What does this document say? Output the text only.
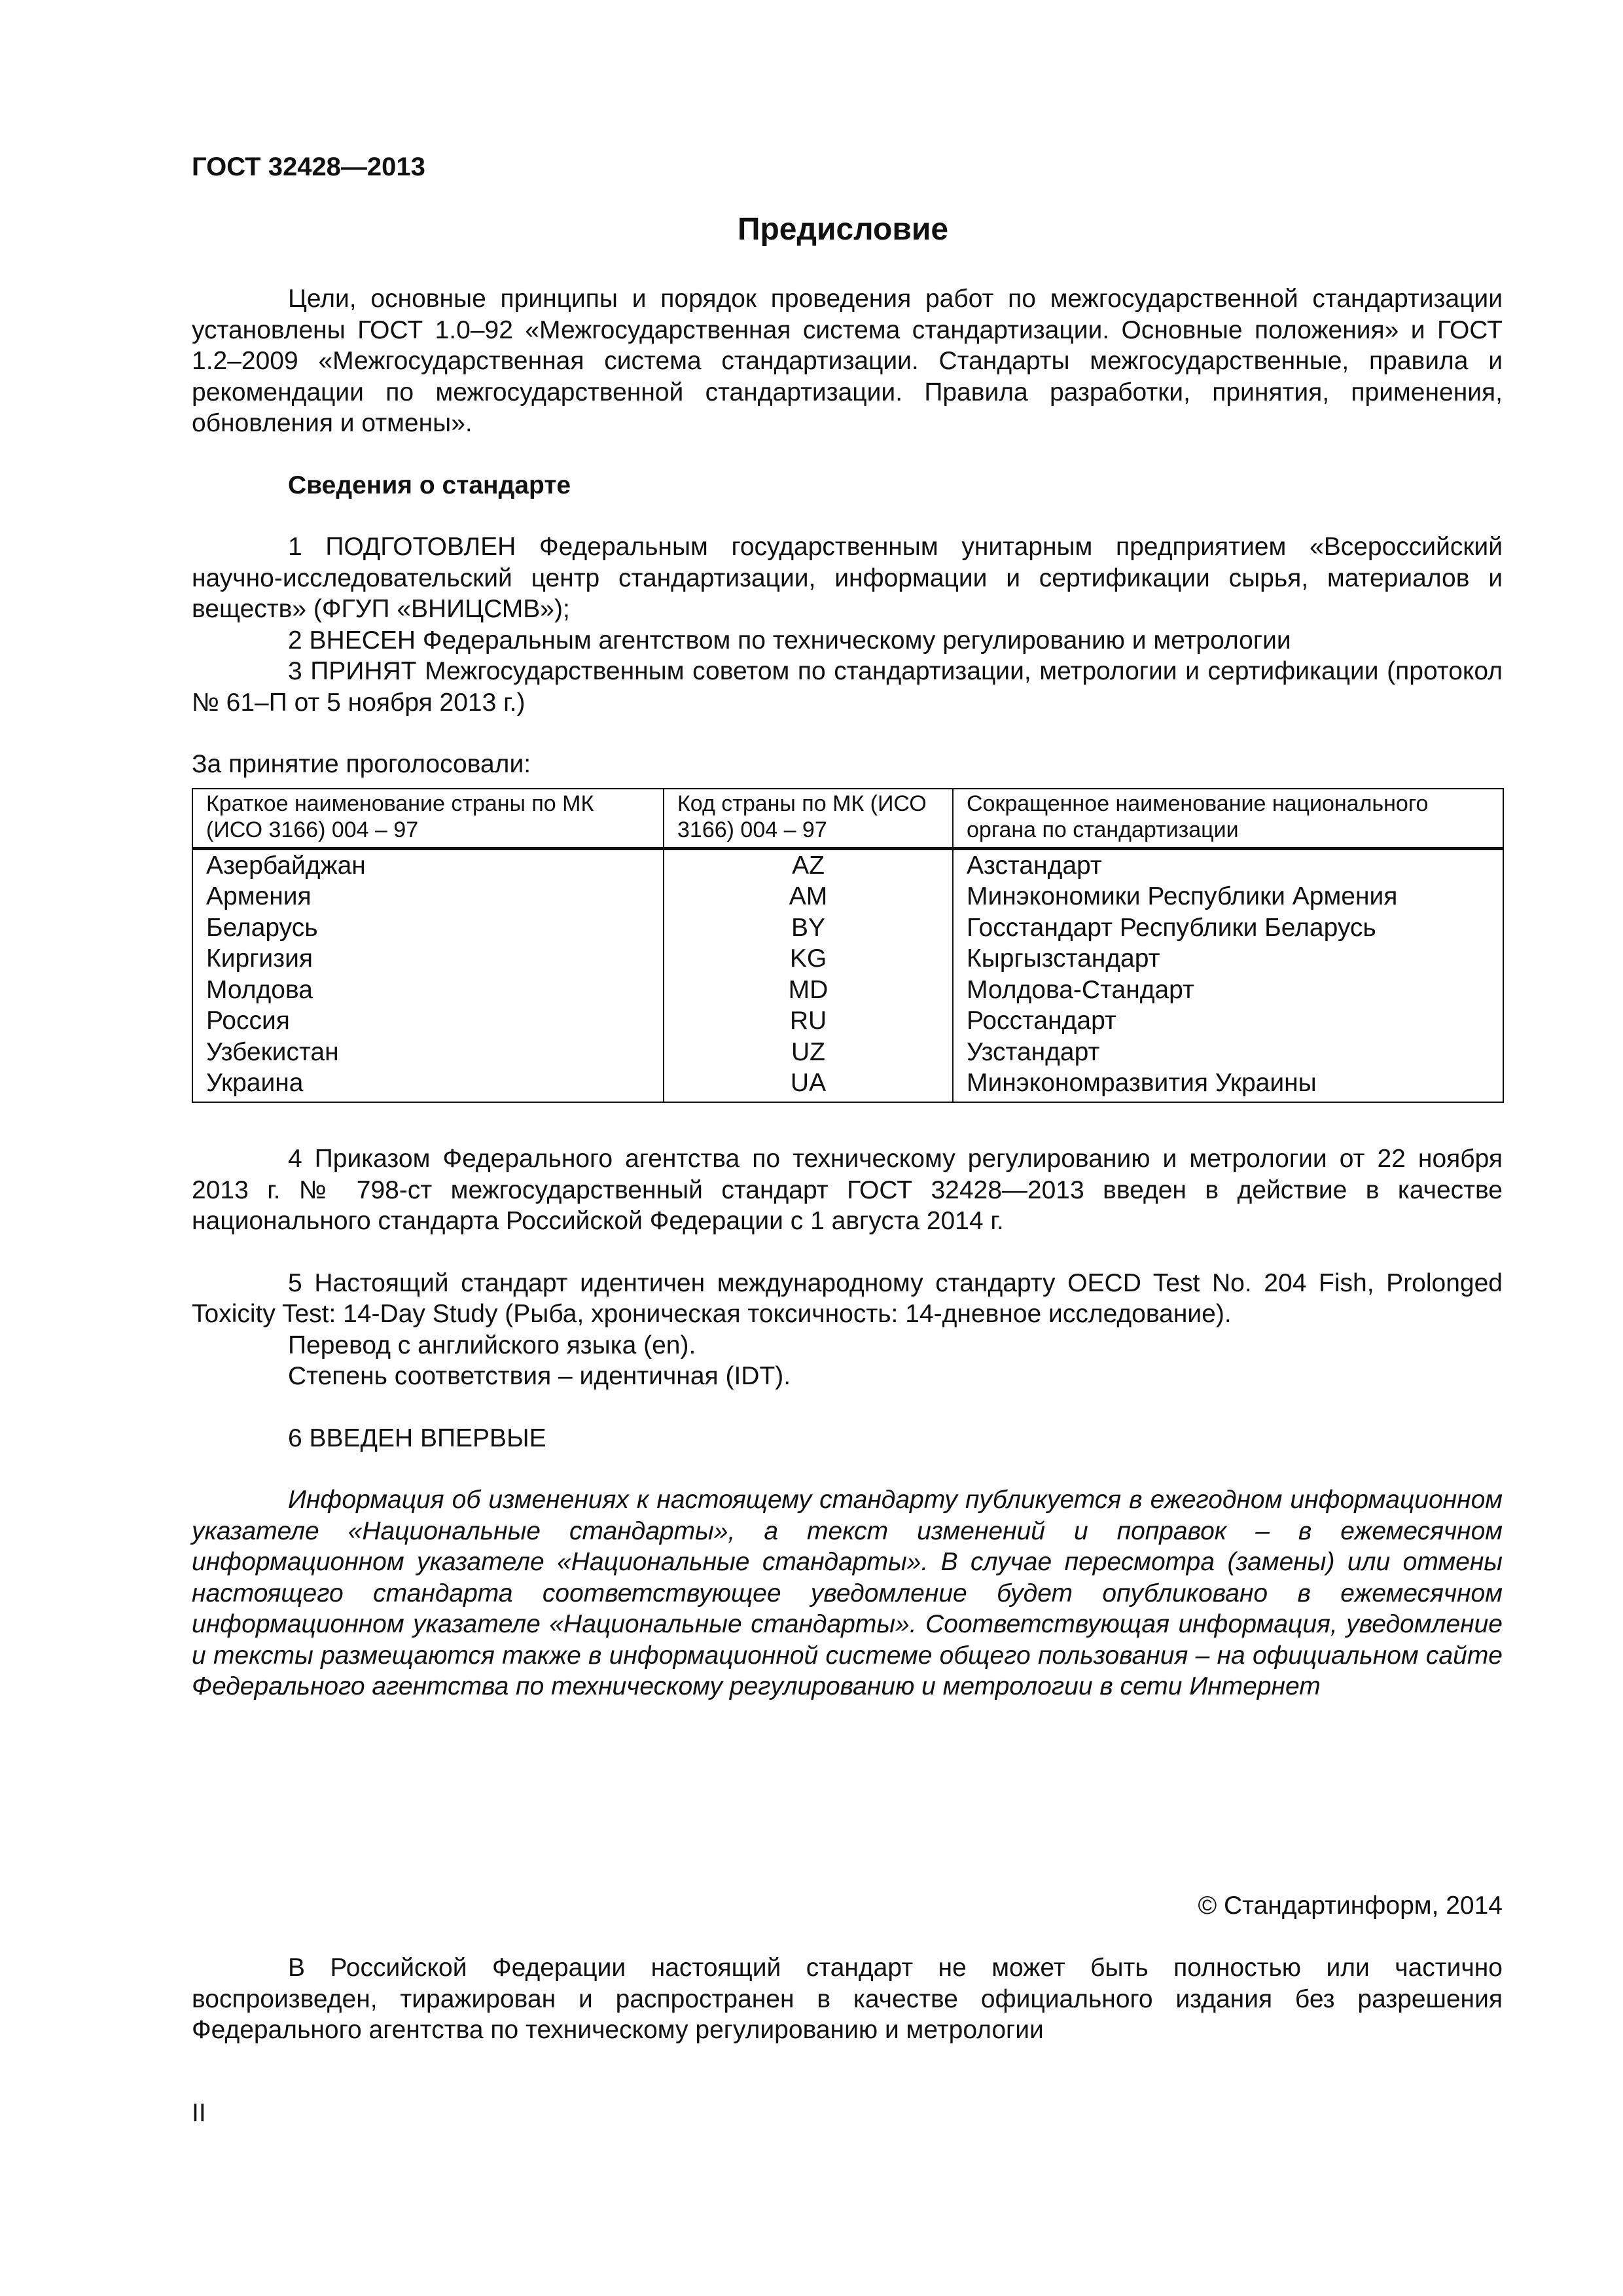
ГОСТ 32428—2013
Предисловие

Цели, основные принципы и порядок проведения работ по межгосударственной стандартизации установлены ГОСТ 1.0–92 «Межгосударственная система стандартизации. Основные положения» и ГОСТ 1.2–2009 «Межгосударственная система стандартизации. Стандарты межгосударственные, правила и рекомендации по межгосударственной стандартизации. Правила разработки, принятия, применения, обновления и отмены».

Сведения о стандарте

1 ПОДГОТОВЛЕН Федеральным государственным унитарным предприятием «Всероссийский научно-исследовательский центр стандартизации, информации и сертификации сырья, материалов и веществ» (ФГУП «ВНИЦСМВ»);

2 ВНЕСЕН Федеральным агентством по техническому регулированию и метрологии

3 ПРИНЯТ Межгосударственным советом по стандартизации, метрологии и сертификации (протокол № 61–П от 5 ноября 2013 г.)

За принятие проголосовали:

Краткое наименование страны по МК (ИСО 3166) 004 – 97	Код страны по МК (ИСО 3166) 004 – 97	Сокращенное наименование национального органа по стандартизации
Азербайджан	AZ	Азстандарт
Армения	AM	Минэкономики Республики Армения
Беларусь	BY	Госстандарт Республики Беларусь
Киргизия	KG	Кыргызстандарт
Молдова	MD	Молдова-Стандарт
Россия	RU	Росстандарт
Узбекистан	UZ	Узстандарт
Украина	UA	Минэкономразвития Украины

4 Приказом Федерального агентства по техническому регулированию и метрологии от 22 ноября 2013 г. № 798-ст межгосударственный стандарт ГОСТ 32428—2013 введен в действие в качестве национального стандарта Российской Федерации с 1 августа 2014 г.

5 Настоящий стандарт идентичен международному стандарту OECD Test No. 204 Fish, Prolonged Toxicity Test: 14-Day Study (Рыба, хроническая токсичность: 14-дневное исследование).

Перевод с английского языка (en).

Степень соответствия – идентичная (IDT).

6 ВВЕДЕН ВПЕРВЫЕ

Информация об изменениях к настоящему стандарту публикуется в ежегодном информационном указателе «Национальные стандарты», а текст изменений и поправок – в ежемесячном информационном указателе «Национальные стандарты». В случае пересмотра (замены) или отмены настоящего стандарта соответствующее уведомление будет опубликовано в ежемесячном информационном указателе «Национальные стандарты». Соответствующая информация, уведомление и тексты размещаются также в информационной системе общего пользования – на официальном сайте Федерального агентства по техническому регулированию и метрологии в сети Интернет

© Стандартинформ, 2014

В Российской Федерации настоящий стандарт не может быть полностью или частично воспроизведен, тиражирован и распространен в качестве официального издания без разрешения Федерального агентства по техническому регулированию и метрологии

II
